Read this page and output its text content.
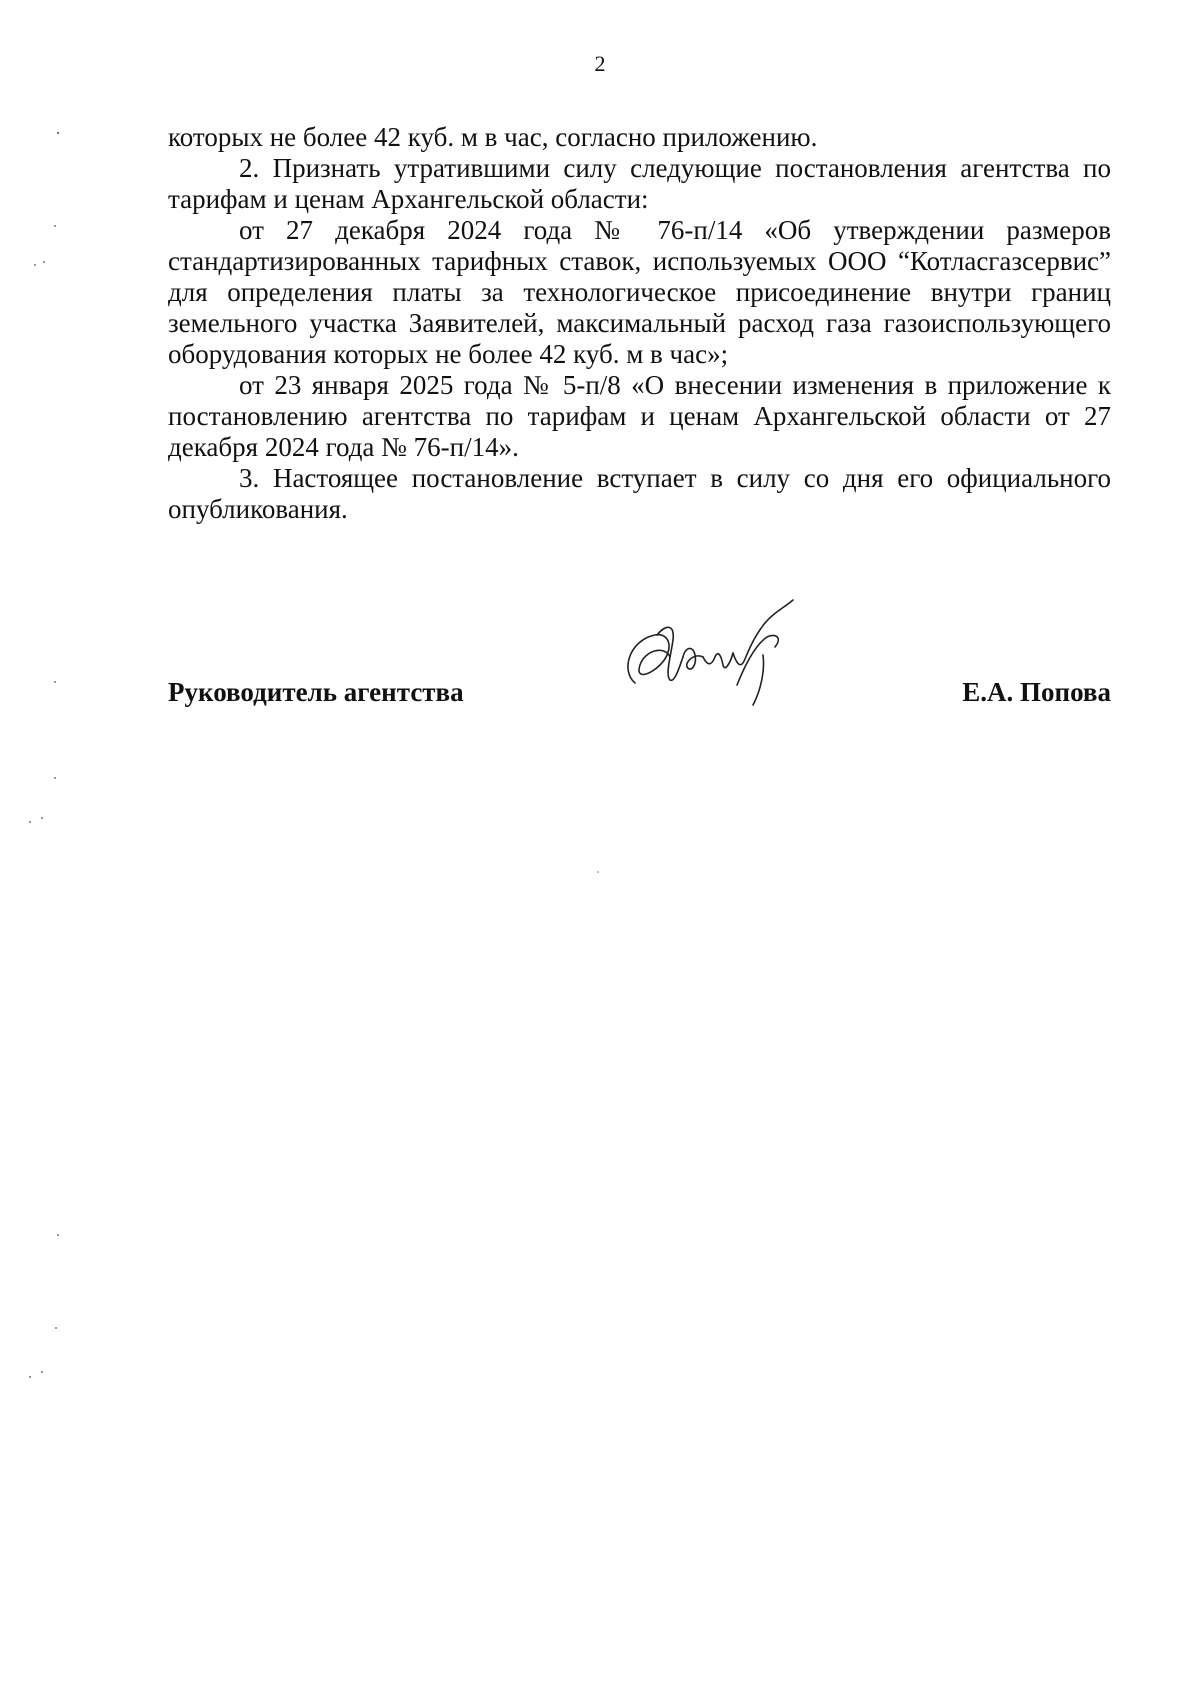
2

которых не более 42 куб. м в час, согласно приложению.

2. Признать утратившими силу следующие постановления агентства по тарифам и ценам Архангельской области:

от 27 декабря 2024 года № 76-п/14 «Об утверждении размеров стандартизированных тарифных ставок, используемых ООО “Котласгазсервис” для определения платы за технологическое присоединение внутри границ земельного участка Заявителей, максимальный расход газа газоиспользующего оборудования которых не более 42 куб. м в час»;

от 23 января 2025 года № 5-п/8 «О внесении изменения в приложение к постановлению агентства по тарифам и ценам Архангельской области от 27 декабря 2024 года № 76-п/14».

3. Настоящее постановление вступает в силу со дня его официального опубликования.

Руководитель агентства	Е.А. Попова
